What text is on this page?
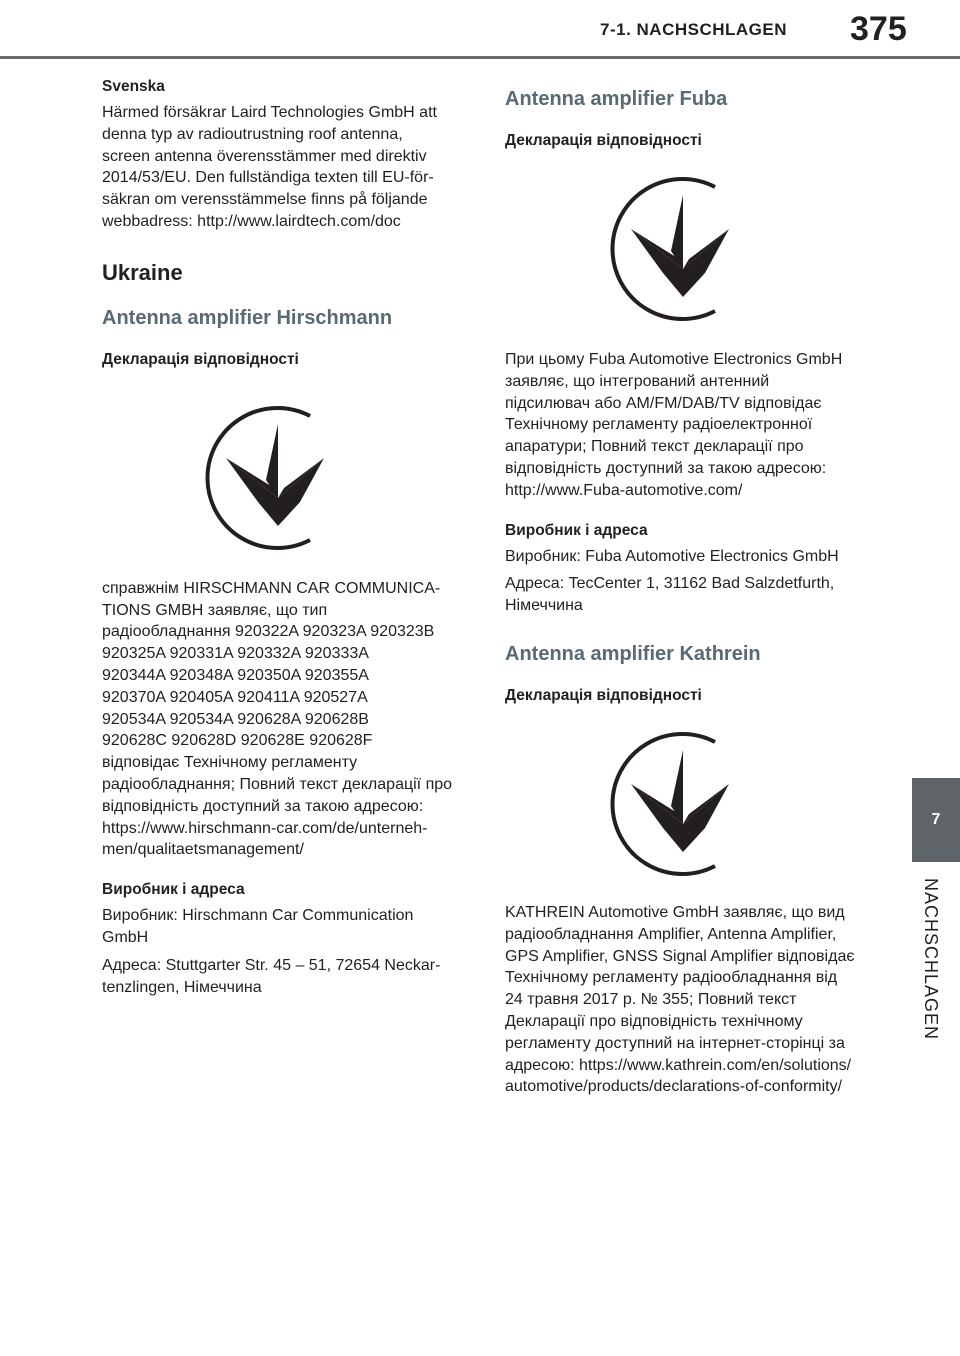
7-1. NACHSCHLAGEN 375
7
NACHSCHLAGEN

Svenska

Härmed försäkrar Laird Technologies GmbH att

denna typ av radioutrustning roof antenna,

screen antenna överensstämmer med direktiv

2014/53/EU. Den fullständiga texten till EU-för-

säkran om verensstämmelse finns på följande

webbadress: http://www.lairdtech.com/doc

Ukraine

Antenna amplifier Hirschmann

Декларація відповідності

справжнім HIRSCHMANN CAR COMMUNICA-

TIONS GMBH заявляє, що тип

радіообладнання 920322A 920323A 920323B

920325A 920331A 920332A 920333A

920344A 920348A 920350A 920355A

920370A 920405A 920411A 920527A

920534A 920534A 920628A 920628B

920628C 920628D 920628E 920628F

відповідає Технічному регламенту

радіообладнання; Повний текст декларації про

відповідність доступний за такою адресою:

https://www.hirschmann-car.com/de/unterneh-

men/qualitaetsmanagement/

Виробник і адреса

Виробник: Hirschmann Car Communication

GmbH

Адреса: Stuttgarter Str. 45 – 51, 72654 Neckar-

tenzlingen, Німеччина

Antenna amplifier Fuba

Декларація відповідності

При цьому Fuba Automotive Electronics GmbH

заявляє, що інтегрований антенний

підсилювач або AM/FM/DAB/TV відповідає

Технічному регламенту радіоелектронної

апаратури; Повний текст декларації про

відповідність доступний за такою адресою:

http://www.Fuba-automotive.com/

Виробник і адреса

Виробник: Fuba Automotive Electronics GmbH

Адреса: TecCenter 1, 31162 Bad Salzdetfurth,

Німеччина

Antenna amplifier Kathrein

Декларація відповідності

KATHREIN Automotive GmbH заявляє, що вид

радіообладнання Amplifier, Antenna Amplifier,

GPS Amplifier, GNSS Signal Amplifier відповідає

Технічному регламенту радіообладнання від

24 травня 2017 р. № 355; Повний текст

Декларації про відповідність технічному

регламенту доступний на інтернет-сторінці за

адресою: https://www.kathrein.com/en/solutions/

automotive/products/declarations-of-conformity/
